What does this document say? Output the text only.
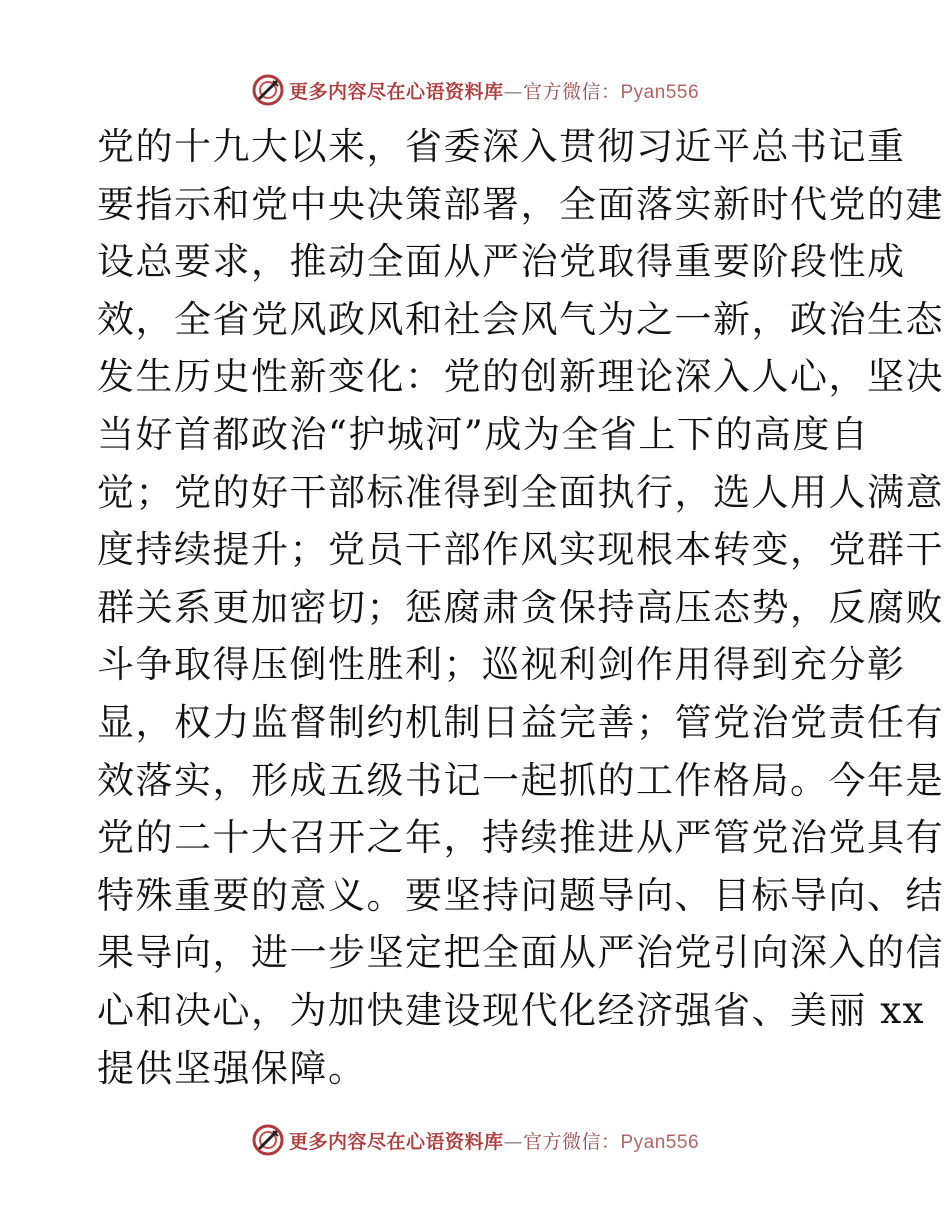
更多内容尽在心语资料库—官方微信：Pyan556
党的十九大以来，省委深入贯彻习近平总书记重
要指示和党中央决策部署，全面落实新时代党的建
设总要求，推动全面从严治党取得重要阶段性成
效，全省党风政风和社会风气为之一新，政治生态
发生历史性新变化：党的创新理论深入人心，坚决
当好首都政治“护城河”成为全省上下的高度自
觉；党的好干部标准得到全面执行，选人用人满意
度持续提升；党员干部作风实现根本转变，党群干
群关系更加密切；惩腐肃贪保持高压态势，反腐败
斗争取得压倒性胜利；巡视利剑作用得到充分彰
显，权力监督制约机制日益完善；管党治党责任有
效落实，形成五级书记一起抓的工作格局。今年是
党的二十大召开之年，持续推进从严管党治党具有
特殊重要的意义。要坚持问题导向、目标导向、结
果导向，进一步坚定把全面从严治党引向深入的信
心和决心，为加快建设现代化经济强省、美丽 xx
提供坚强保障。
更多内容尽在心语资料库—官方微信：Pyan556
